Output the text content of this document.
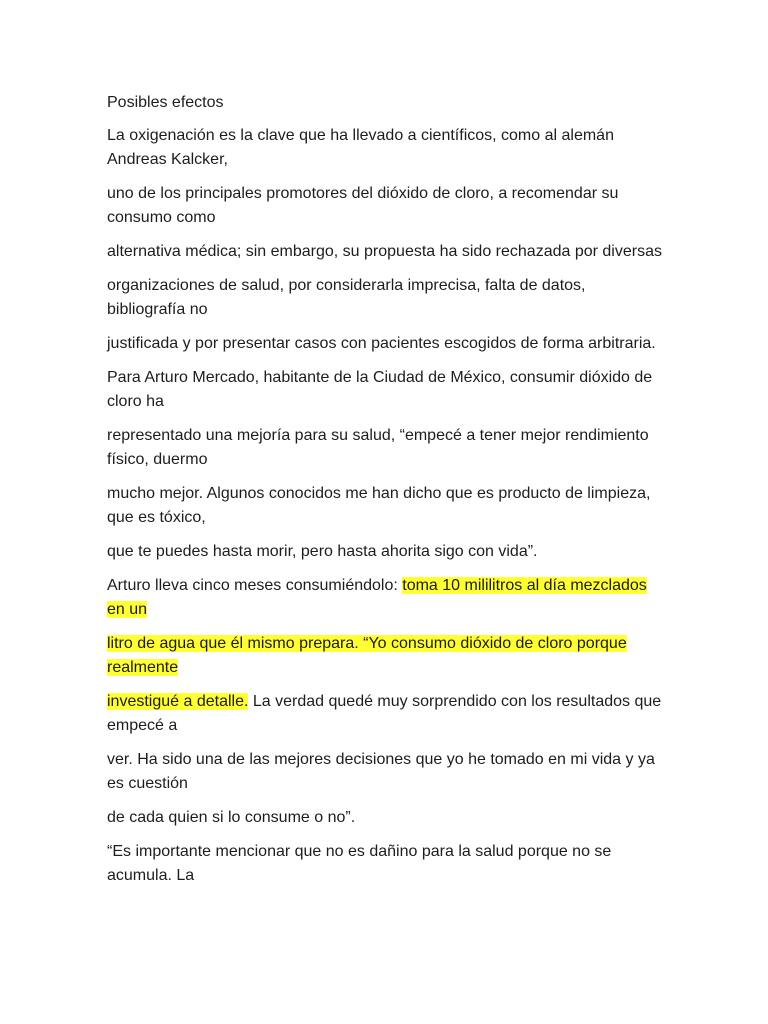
Posibles efectos

La oxigenación es la clave que ha llevado a científicos, como al alemán Andreas Kalcker,

uno de los principales promotores del dióxido de cloro, a recomendar su consumo como

alternativa médica; sin embargo, su propuesta ha sido rechazada por diversas

organizaciones de salud, por considerarla imprecisa, falta de datos, bibliografía no

justificada y por presentar casos con pacientes escogidos de forma arbitraria.

Para Arturo Mercado, habitante de la Ciudad de México, consumir dióxido de cloro ha

representado una mejoría para su salud, “empecé a tener mejor rendimiento físico, duermo

mucho mejor. Algunos conocidos me han dicho que es producto de limpieza, que es tóxico,

que te puedes hasta morir, pero hasta ahorita sigo con vida”.

Arturo lleva cinco meses consumiéndolo: toma 10 mililitros al día mezclados en un

litro de agua que él mismo prepara. “Yo consumo dióxido de cloro porque realmente

investigué a detalle. La verdad quedé muy sorprendido con los resultados que empecé a

ver. Ha sido una de las mejores decisiones que yo he tomado en mi vida y ya es cuestión

de cada quien si lo consume o no”.

“Es importante mencionar que no es dañino para la salud porque no se acumula. La
